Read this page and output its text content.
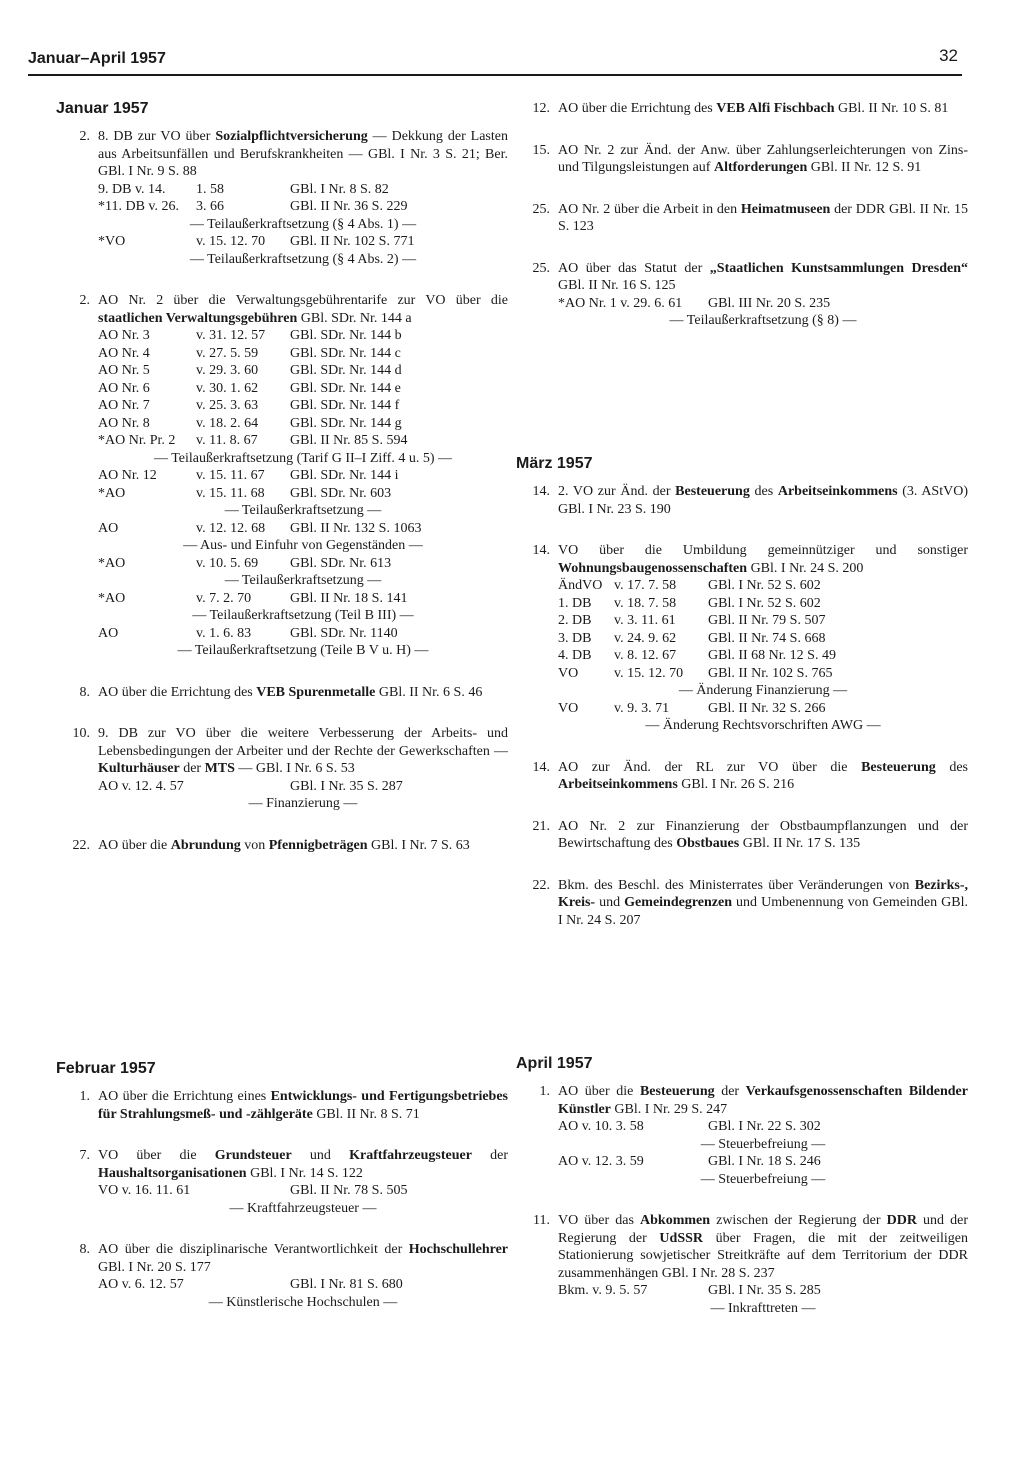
Januar–April 1957	32
Januar 1957
2. 8. DB zur VO über Sozialpflichtversicherung — Dekkung der Lasten aus Arbeitsunfällen und Berufskrankheiten — GBl. I Nr. 3 S. 21; Ber. GBl. I Nr. 9 S. 88
9. DB v. 14. 1. 58	GBl. I Nr. 8 S. 82
*11. DB v. 26. 3. 66	GBl. II Nr. 36 S. 229
— Teilaußerkraftsetzung (§ 4 Abs. 1) —
*VO	v. 15. 12. 70 GBl. II Nr. 102 S. 771
— Teilaußerkraftsetzung (§ 4 Abs. 2) —
2. AO Nr. 2 über die Verwaltungsgebührentarife zur VO über die staatlichen Verwaltungsgebühren GBl. SDr. Nr. 144 a
AO Nr. 3	v. 31. 12. 57 GBl. SDr. Nr. 144 b
AO Nr. 4	v. 27. 5. 59 GBl. SDr. Nr. 144 c
AO Nr. 5	v. 29. 3. 60 GBl. SDr. Nr. 144 d
AO Nr. 6	v. 30. 1. 62 GBl. SDr. Nr. 144 e
AO Nr. 7	v. 25. 3. 63 GBl. SDr. Nr. 144 f
AO Nr. 8	v. 18. 2. 64 GBl. SDr. Nr. 144 g
*AO Nr. Pr. 2 v. 11. 8. 67 GBl. II Nr. 85 S. 594
— Teilaußerkraftsetzung (Tarif G II–I Ziff. 4 u. 5) —
AO Nr. 12	v. 15. 11. 67 GBl. SDr. Nr. 144 i
*AO	v. 15. 11. 68 GBl. SDr. Nr. 603
— Teilaußerkraftsetzung —
AO	v. 12. 12. 68 GBl. II Nr. 132 S. 1063
— Aus- und Einfuhr von Gegenständen —
*AO	v. 10. 5. 69 GBl. SDr. Nr. 613
— Teilaußerkraftsetzung —
*AO	v. 7. 2. 70	GBl. II Nr. 18 S. 141
— Teilaußerkraftsetzung (Teil B III) —
AO	v. 1. 6. 83	GBl. SDr. Nr. 1140
— Teilaußerkraftsetzung (Teile B V u. H) —
8. AO über die Errichtung des VEB Spurenmetalle GBl. II Nr. 6 S. 46
10. 9. DB zur VO über die weitere Verbesserung der Arbeits- und Lebensbedingungen der Arbeiter und der Rechte der Gewerkschaften — Kulturhäuser der MTS — GBl. I Nr. 6 S. 53
AO v. 12. 4. 57	GBl. I Nr. 35 S. 287
— Finanzierung —
22. AO über die Abrundung von Pfennigbeträgen GBl. I Nr. 7 S. 63
Februar 1957
1. AO über die Errichtung eines Entwicklungs- und Fertigungsbetriebes für Strahlungsmeß- und -zählgeräte GBl. II Nr. 8 S. 71
7. VO über die Grundsteuer und Kraftfahrzeugsteuer der Haushaltsorganisationen GBl. I Nr. 14 S. 122
VO v. 16. 11. 61	GBl. II Nr. 78 S. 505
— Kraftfahrzeugsteuer —
8. AO über die disziplinarische Verantwortlichkeit der Hochschullehrer GBl. I Nr. 20 S. 177
AO v. 6. 12. 57	GBl. I Nr. 81 S. 680
— Künstlerische Hochschulen —
12. AO über die Errichtung des VEB Alfi Fischbach GBl. II Nr. 10 S. 81
15. AO Nr. 2 zur Änd. der Anw. über Zahlungserleichterungen von Zins- und Tilgungsleistungen auf Altforderungen GBl. II Nr. 12 S. 91
25. AO Nr. 2 über die Arbeit in den Heimatmuseen der DDR GBl. II Nr. 15 S. 123
25. AO über das Statut der „Staatlichen Kunstsammlungen Dresden“ GBl. II Nr. 16 S. 125
*AO Nr. 1 v. 29. 6. 61 GBl. III Nr. 20 S. 235
— Teilaußerkraftsetzung (§ 8) —
März 1957
14. 2. VO zur Änd. der Besteuerung des Arbeitseinkommens (3. AStVO) GBl. I Nr. 23 S. 190
14. VO über die Umbildung gemeinnütziger und sonstiger Wohnungsbaugenossenschaften GBl. I Nr. 24 S. 200
ÄndVO v. 17. 7. 58 GBl. I Nr. 52 S. 602
1. DB v. 18. 7. 58 GBl. I Nr. 52 S. 602
2. DB v. 3. 11. 61 GBl. II Nr. 79 S. 507
3. DB v. 24. 9. 62 GBl. II Nr. 74 S. 668
4. DB v. 8. 12. 67 GBl. II 68 Nr. 12 S. 49
VO	v. 15. 12. 70 GBl. II Nr. 102 S. 765
— Änderung Finanzierung —
VO	v. 9. 3. 71	GBl. II Nr. 32 S. 266
— Änderung Rechtsvorschriften AWG —
14. AO zur Änd. der RL zur VO über die Besteuerung des Arbeitseinkommens GBl. I Nr. 26 S. 216
21. AO Nr. 2 zur Finanzierung der Obstbaumpflanzungen und der Bewirtschaftung des Obstbaues GBl. II Nr. 17 S. 135
22. Bkm. des Beschl. des Ministerrates über Veränderungen von Bezirks-, Kreis- und Gemeindegrenzen und Umbenennung von Gemeinden GBl. I Nr. 24 S. 207
April 1957
1. AO über die Besteuerung der Verkaufsgenossenschaften Bildender Künstler GBl. I Nr. 29 S. 247
AO v. 10. 3. 58	GBl. I Nr. 22 S. 302
— Steuerbefreiung —
AO v. 12. 3. 59	GBl. I Nr. 18 S. 246
— Steuerbefreiung —
11. VO über das Abkommen zwischen der Regierung der DDR und der Regierung der UdSSR über Fragen, die mit der zeitweiligen Stationierung sowjetischer Streitkräfte auf dem Territorium der DDR zusammenhängen GBl. I Nr. 28 S. 237
Bkm. v. 9. 5. 57	GBl. I Nr. 35 S. 285
— Inkrafttreten —
